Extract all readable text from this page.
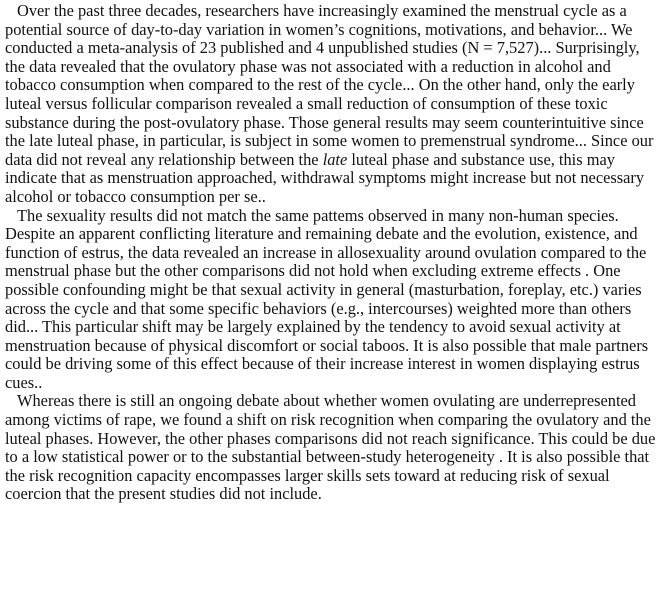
Over the past three decades, researchers have increasingly examined the menstrual cycle as a potential source of day-to-day variation in women’s cognitions, motivations, and behavior... We conducted a meta-analysis of 23 published and 4 unpublished studies (N = 7,527)... Surprisingly, the data revealed that the ovulatory phase was not associated with a reduction in alcohol and tobacco consumption when compared to the rest of the cycle... On the other hand, only the early luteal versus follicular comparison revealed a small reduction of consumption of these toxic substance during the post-ovulatory phase. Those general results may seem counterintuitive since the late luteal phase, in particular, is subject in some women to premenstrual syndrome... Since our data did not reveal any relationship between the late luteal phase and substance use, this may indicate that as menstruation approached, withdrawal symptoms might increase but not necessary alcohol or tobacco consumption per se..

The sexuality results did not match the same pattems observed in many non-human species. Despite an apparent conflicting literature and remaining debate and the evolution, existence, and function of estrus, the data revealed an increase in allosexuality around ovulation compared to the menstrual phase but the other comparisons did not hold when excluding extreme effects . One possible confounding might be that sexual activity in general (masturbation, foreplay, etc.) varies across the cycle and that some specific behaviors (e.g., intercourses) weighted more than others did... This particular shift may be largely explained by the tendency to avoid sexual activity at menstruation because of physical discomfort or social taboos. It is also possible that male partners could be driving some of this effect because of their increase interest in women displaying estrus cues..

Whereas there is still an ongoing debate about whether women ovulating are underrepresented among victims of rape, we found a shift on risk recognition when comparing the ovulatory and the luteal phases. However, the other phases comparisons did not reach significance. This could be due to a low statistical power or to the substantial between-study heterogeneity . It is also possible that the risk recognition capacity encompasses larger skills sets toward at reducing risk of sexual coercion that the present studies did not include.
